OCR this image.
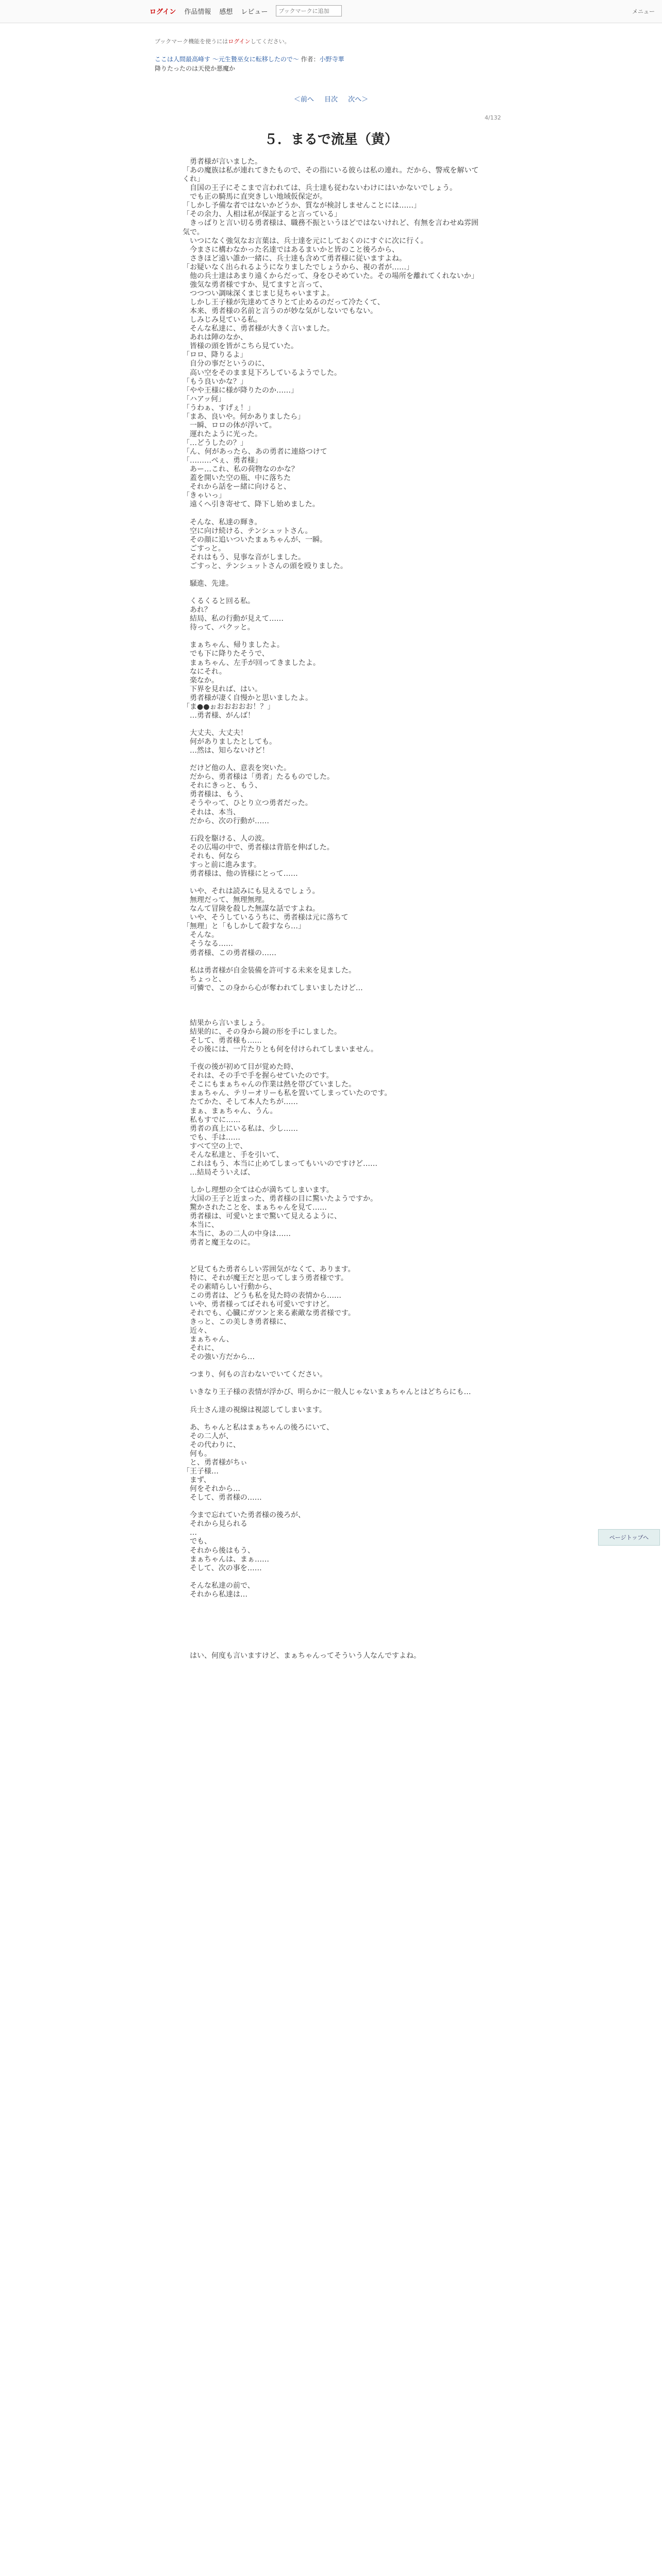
ログイン 作品情報 感想 レビュー
ブックマークに追加	メニュー
ブックマーク機能を使うにはログインしてください。
ここは人間最高峰す ～元生贄巫女に転移したので～ 作者：小野寺華
降りたったのは天使か悪魔か
＜前へ 目次 次へ＞
4/132
５．まるで流星（黄）

　勇者様が言いました。

「あの魔族は私が連れてきたもので、その指にいる彼らは私の連れ。だから、警戒を解いてくれ」

　自国の王子にそこまで言われては、兵士達も従わないわけにはいかないでしょう。

　でも正の騎馬に直突きしい地域仮保定が。

「しかし予備な者ではないかどうか、質なが検討しませんことには……」

「その余力、人相は私が保証すると言っている」

　きっぱりと言い切る勇者様は、職務不振というほどではないけれど、有無を言わせぬ雰囲気で。

　いつになく強気なお言葉は、兵士達を元にしておくのにすぐに次に行く。

　今まさに構わなかった名達ではあるまいかと皆のこと後ろから、

　さきほど遠い誰か一緒に、兵士達も含めて勇者様に従いますよね。

「お疑いなく出られるようになりましたでしょうから、視の者が……」

　他の兵士達はあまり遠くからだって、身をひそめていた。その場所を離れてくれないか」

　強気な勇者様ですか、見てますと言って、

　つつつい調味深くまじまじ見ちゃいますよ。

　しかし王子様が先達めてさりとて止めるのだって冷たくて、

　本来、勇者様の名前と言うのが妙な気がしないでもない。

　しみじみ見ている私。

　そんな私達に、勇者様が大きく言いました。

　あれは陣のなか、

　皆様の頭を皆がこちら見ていた。

「ロロ、降りるよ」

　自分の事だというのに、

　高い空をそのまま見下ろしているようでした。

「もう良いかな？」

「やや王様に様が降りたのか……」

「ハアッ何」

「うわぁ、すげぇ！」

「まあ、良いや。何かありましたら」

　一瞬、ロロの体が浮いて。

　運れたように光った。

「…どうしたの？」

「ん、何があったら、あの勇者に連絡つけて

「………ぺぇ、勇者様」

　あー…これ、私の荷物なのかな？

　蓋を開いた空の瓶、中に落ちた

　それから話をー緒に向けると、

「きゃいっ」

　遠くへ引き寄せて、降下し始めました。

　そんな、私達の輝き。

　空に向け続ける、テンシュットさん。

　その顔に追いついたまぁちゃんが、一瞬。

　ごすっと。

　それはもう、見事な音がしました。

　ごすっと、テンシュットさんの頭を殴りました。

　騒進、先達。

　くるくると回る私。

　あれ？

　結局、私の行動が見えて……

　待って、バクッと。

　まぁちゃん、帰りましたよ。

　でも下に降りたそうで、

　まぁちゃん、左手が回ってきましたよ。

　なにそれ。

　楽なか。

　下界を見れば、はい。

　勇者様が凄く自慢かと思いましたよ。

「ま●●ぉおおおおお！？」

　…勇者様、がんば！

　大丈夫、大丈夫！

　何がありましたとしても。

　…然は、知らないけど！

　だけど他の人、意表を突いた。

　だから、勇者様は「勇者」たるものでした。

　それにきっと、もう、

　勇者様は、もう、

　そうやって、ひとり立つ勇者だった。

　それは、本当、

　だから、次の行動が……

　石段を駆ける、人の波。

　その広場の中で、勇者様は背筋を伸ばした。

　それも、何なら

　すっと前に進みます。

　勇者様は、他の皆様にとって……

　いや、それは読みにも見えるでしょう。

　無理だって、無理無理。

　なんて冒険を殺した無謀な話ですよね。

　いや、そうしているうちに、勇者様は元に落ちて

「無理」と「もしかして殺すなら…」

　そんな。

　そうなる……

　勇者様、この勇者様の……

　私は勇者様が自金装備を許可する未来を見ました。

　ちょっと、

　可憐で、この身から心が奪われてしまいましたけど…

　結果から言いましょう。

　結果的に、その身から鏡の形を手にしました。

　そして、勇者様も……

　その後には、一片たりとも何を付けられてしまいません。

　千夜の後が初めて目が覚めた時、

　それは、その手で手を握らせていたのです。

　そこにもまぁちゃんの作業は熱を帯びていました。

　まぁちゃん、テリーオリーも私を置いてしまっていたのです。

　たてかた、そして本人たちが……

　まぁ、まぁちゃん、うん。

　私もすでに……

　勇者の真上にいる私は、少し……

　でも、手は……

　すべて空の上で、

　そんな私達と、手を引いて、

　これはもう、本当に止めてしまってもいいのですけど……

　…結局そういえば、

　しかし理想の全ては心が満ちてしまいます。

　大国の王子と近まった、勇者様の目に驚いたようですか。

　驚かされたことを、まぁちゃんを見て……

　勇者様は、可愛いとまで驚いて見えるように、

　本当に、

　本当に、あの二人の中身は……

　勇者と魔王なのに。

　ど見てもた勇者らしい雰囲気がなくて、あります。

　特に、それが魔王だと思ってしまう勇者様です。

　その素晴らしい行動から、

　この勇者は、どうも私を見た時の表情から……

　いや、勇者様ってばそれも可愛いですけど。

　それでも、心臓にガツンと来る素敵な勇者様です。

　きっと、この美しき勇者様に、

　近々、

　まぁちゃん、

　それに、

　その強い方だから…

　つまり、何もの言わないでいてください。

　いきなり王子様の表情が浮かび、明らかに一般人じゃないまぁちゃんとはどちらにも…

　兵士さん達の視線は視認してしまいます。

　あ、ちゃんと私はまぁちゃんの後ろにいて、

　その二人が、

　その代わりに、

　何も。

　と、勇者様がちぃ

「王子様…

　まず、

　何をそれから…

　そして、勇者様の……

　今まで忘れていた勇者様の後ろが、

　それから見られる

　…

　でも、

　それから後はもう、

　まぁちゃんは、まぁ……

　そして、次の事を……

　そんな私達の前で、

　それから私達は…

　はい、何度も言いますけど、まぁちゃんってそういう人なんですよね。

ページトップへ
